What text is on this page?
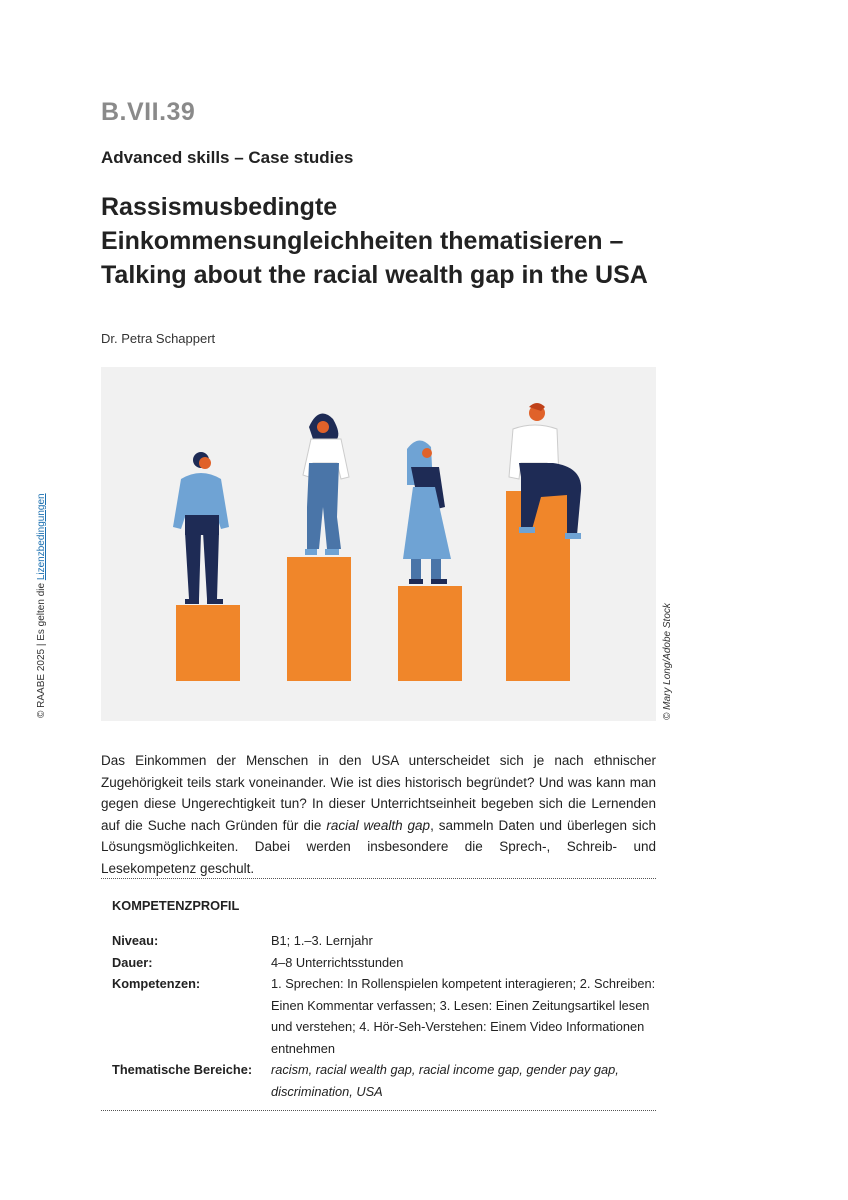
B.VII.39
Advanced skills – Case studies
Rassismusbedingte Einkommensungleichheiten thematisieren – Talking about the racial wealth gap in the USA
Dr. Petra Schappert
© RAABE 2025 | Es gelten die Lizenzbedingungen
© Mary Long/Adobe Stock
Das Einkommen der Menschen in den USA unterscheidet sich je nach ethnischer Zugehörigkeit teils stark voneinander. Wie ist dies historisch begründet? Und was kann man gegen diese Ungerechtigkeit tun? In dieser Unterrichtseinheit begeben sich die Lernenden auf die Suche nach Gründen für die racial wealth gap, sammeln Daten und überlegen sich Lösungsmöglichkeiten. Dabei werden insbesondere die Sprech-, Schreib- und Lesekompetenz geschult.
KOMPETENZPROFIL
Niveau:	B1; 1.–3. Lernjahr
Dauer:	4–8 Unterrichtsstunden
Kompetenzen:	1. Sprechen: In Rollenspielen kompetent interagieren; 2. Schreiben: Einen Kommentar verfassen; 3. Lesen: Einen Zeitungsartikel lesen und verstehen; 4. Hör-Seh-Verstehen: Einem Video Informationen entnehmen
Thematische Bereiche:	racism, racial wealth gap, racial income gap, gender pay gap, discrimination, USA
